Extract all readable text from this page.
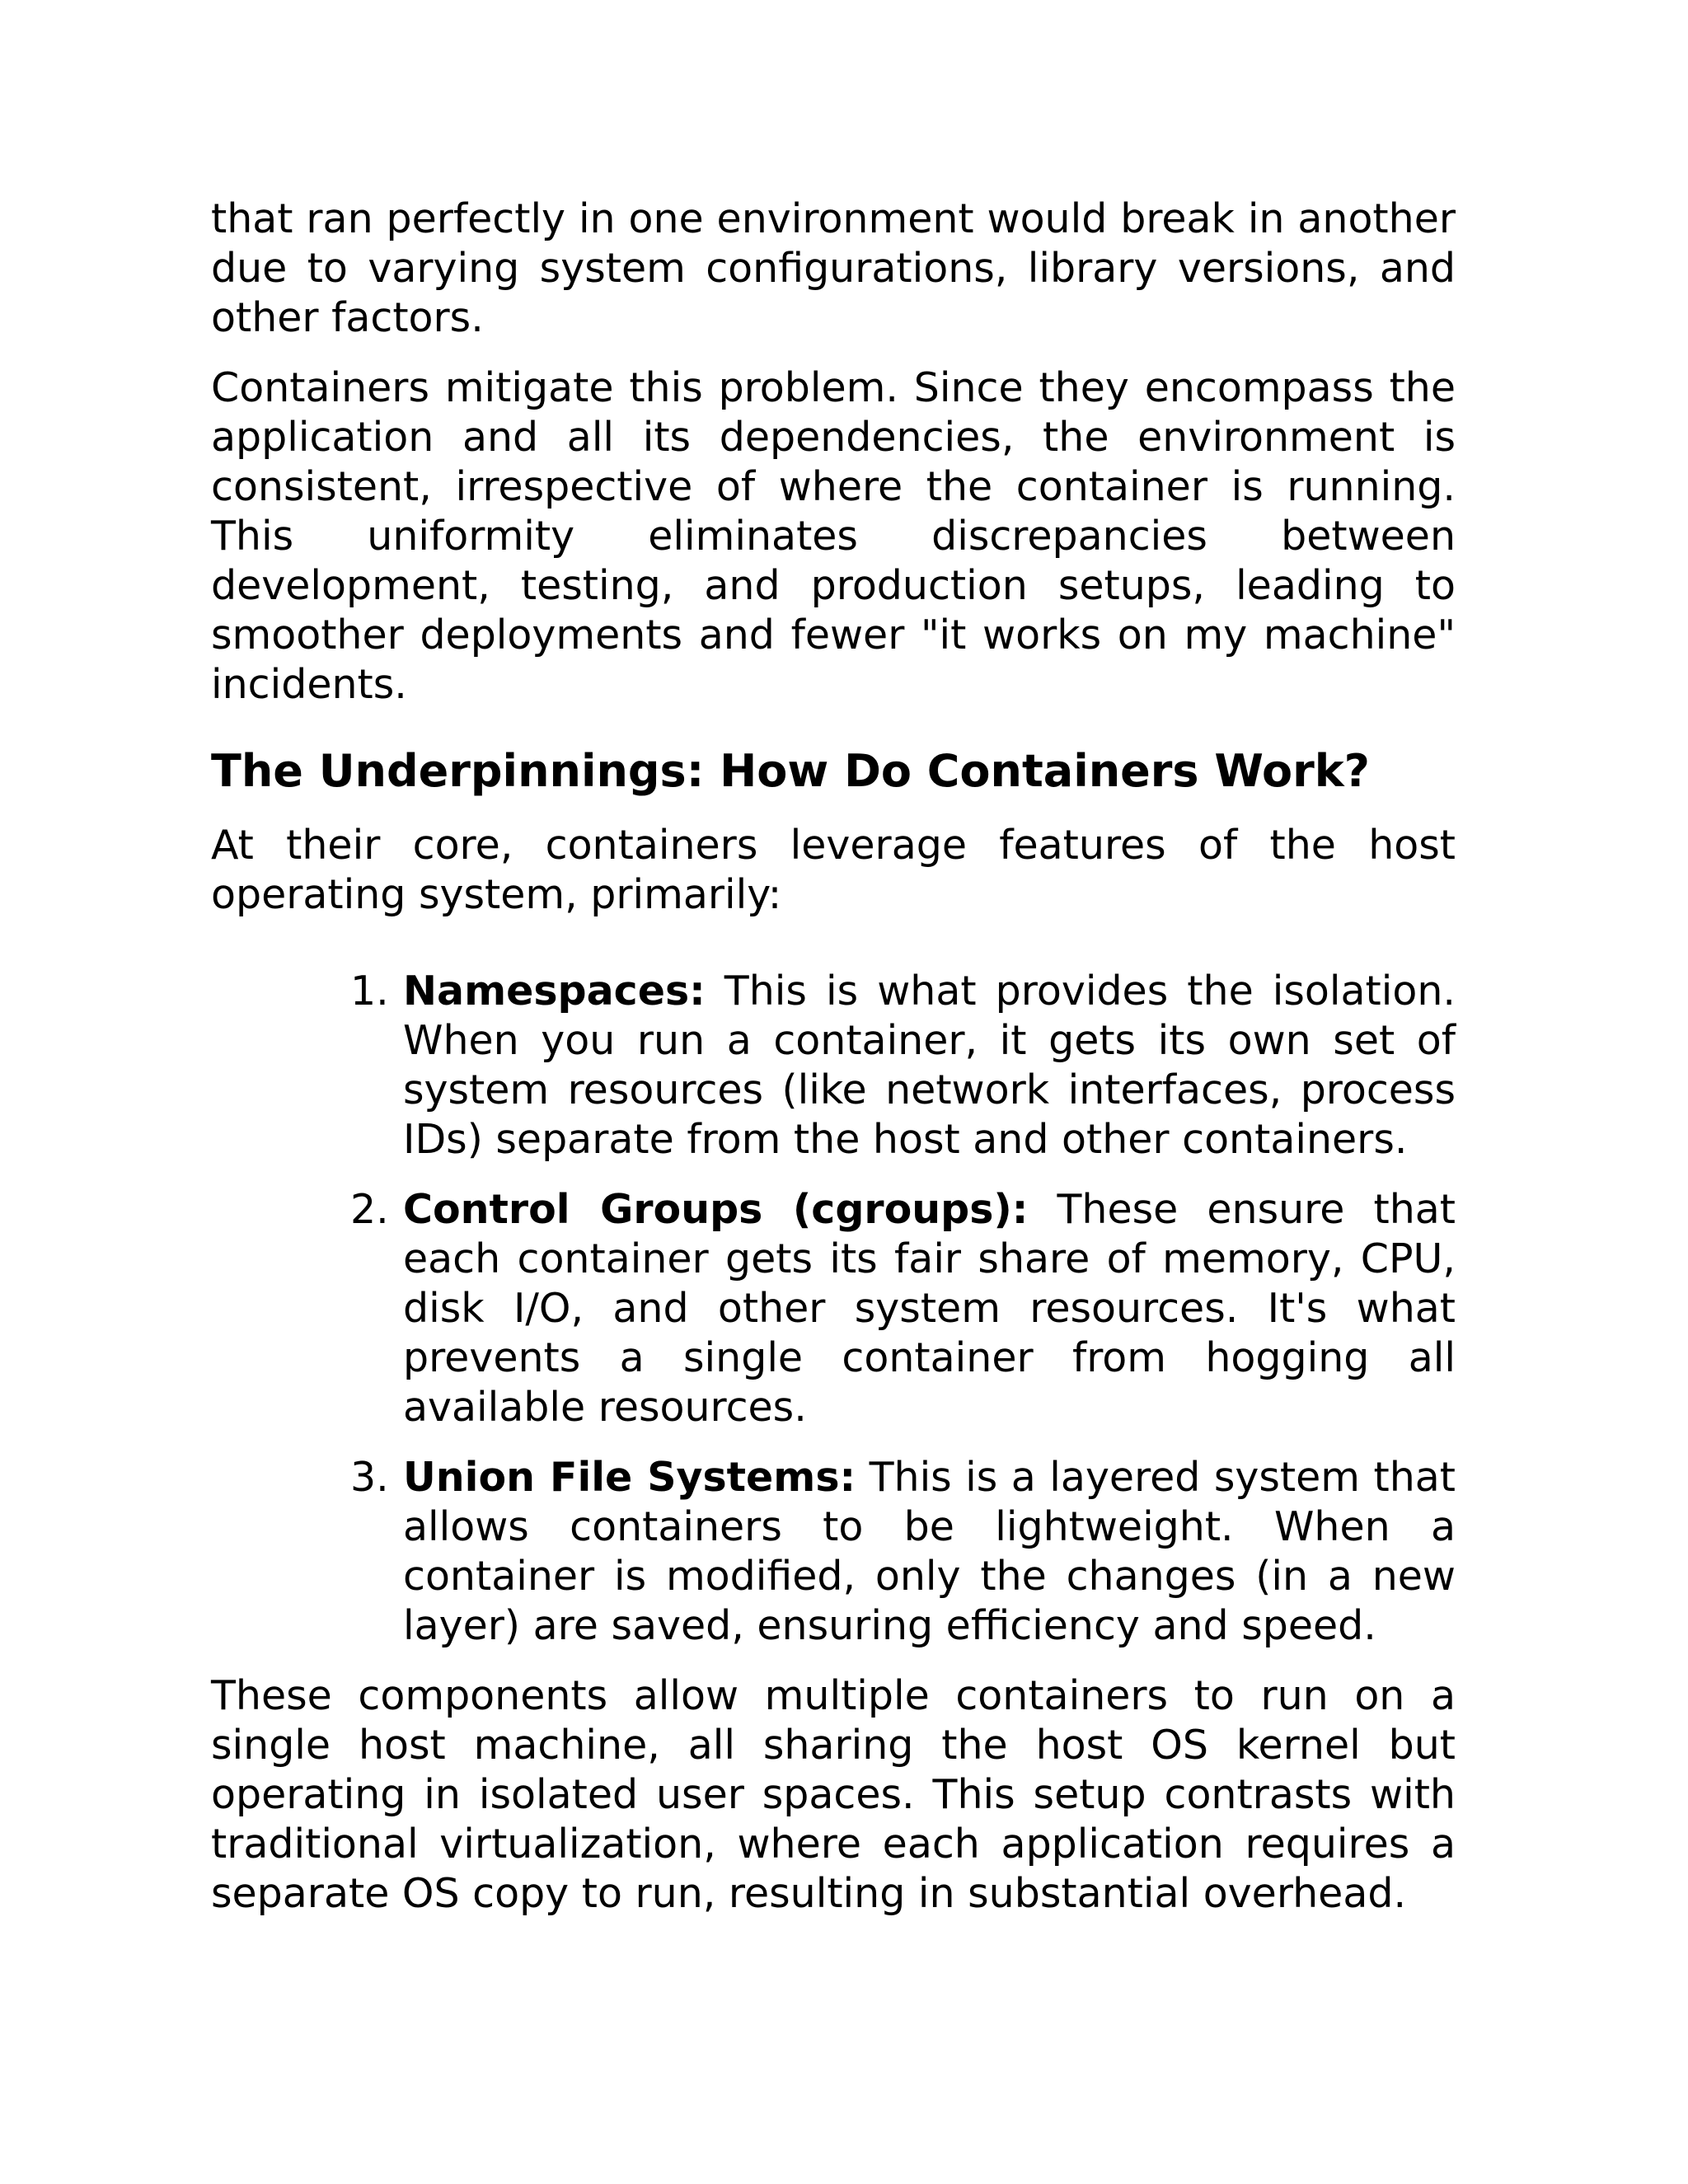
that ran perfectly in one environment would break in another due to varying system configurations, library versions, and other factors.

Containers mitigate this problem. Since they encompass the application and all its dependencies, the environment is consistent, irrespective of where the container is running. This uniformity eliminates discrepancies between development, testing, and production setups, leading to smoother deployments and fewer "it works on my machine" incidents.

The Underpinnings: How Do Containers Work?

At their core, containers leverage features of the host operating system, primarily:

1. Namespaces: This is what provides the isolation. When you run a container, it gets its own set of system resources (like network interfaces, process IDs) separate from the host and other containers.
2. Control Groups (cgroups): These ensure that each container gets its fair share of memory, CPU, disk I/O, and other system resources. It's what prevents a single container from hogging all available resources.
3. Union File Systems: This is a layered system that allows containers to be lightweight. When a container is modified, only the changes (in a new layer) are saved, ensuring efficiency and speed.

These components allow multiple containers to run on a single host machine, all sharing the host OS kernel but operating in isolated user spaces. This setup contrasts with traditional virtualization, where each application requires a separate OS copy to run, resulting in substantial overhead.
